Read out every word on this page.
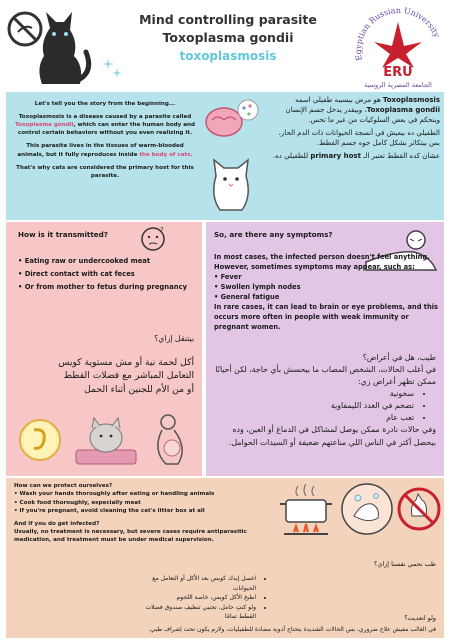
Mind controlling parasite
Toxoplasma gondii
toxoplasmosis	Egyptian Russian University
ERU
الجامعة المصرية الروسية

Let's tell you the story from the beginning...

Toxoplasmosis is a disease caused by a parasite called Toxoplasma gondii, which can enter the human body and control certain behaviors without you even realizing it.

This parasite lives in the tissues of warm-blooded animals, but it fully reproduces inside the body of cats.

That's why cats are considered the primary host for this parasite.

Toxoplasmosis هو مرض بيسببه طفيلي اسمه Toxoplasma gondii، وبيقدر يدخل جسم الإنسان ويتحكم في بعض السلوكيات من غير ما تحس.

الطفيلي ده بيعيش في أنسجة الحيوانات ذات الدم الحار، بس بيتكاثر بشكل كامل جوه جسم القطط.

عشان كده القطط تعتبر الـ primary host للطفيلي ده.

How is it transmitted?	?
• Eating raw or undercooked meat
• Direct contact with cat feces
• Or from mother to fetus during pregnancy
بيتنقل إزاي؟
أكل لحمة نية أو مش مستوية كويس
التعامل المباشر مع فضلات القطط
أو من الأم للجنين أثناء الحمل
So, are there any symptoms?
In most cases, the infected person doesn't feel anything. However, sometimes symptoms may appear, such as:
• Fever
• Swollen lymph nodes
• General fatigue
In rare cases, it can lead to brain or eye problems, and this occurs more often in people with weak immunity or pregnant women.
طيب، هل في أعراض؟
في أغلب الحالات، الشخص المصاب ما بيحسش بأي حاجة، لكن أحيانًا ممكن تظهر أعراض زي:
• سخونية
• تضخم في الغدد الليمفاوية
• تعب عام
وفي حالات نادرة ممكن يوصل لمشاكل في الدماغ أو العين، وده بيحصل أكتر في الناس اللي مناعتهم ضعيفة أو السيدات الحوامل.

How can we protect ourselves?
• Wash your hands thoroughly after eating or handling animals
• Cook food thoroughly, especially meat
• If you're pregnant, avoid cleaning the cat's litter box at all

And if you do get infected?
Usually, no treatment is necessary, but severe cases require antiparasitic medication, and treatment must be under medical supervision.

طب نحمي نفسنا إزاي؟
• اغسل إيدك كويس بعد الأكل أو التعامل مع الحيوانات
• اطبخ الأكل كويس، خاصة اللحوم
• ولو كنتِ حامل، تجنبي تنظيف صندوق فضلات القطط تمامًا	ولو اتعديت؟
في الغالب مفيش علاج ضروري، بس الحالات الشديدة بتحتاج أدوية مضادة للطفيليات، ولازم يكون تحت إشراف طبي.
